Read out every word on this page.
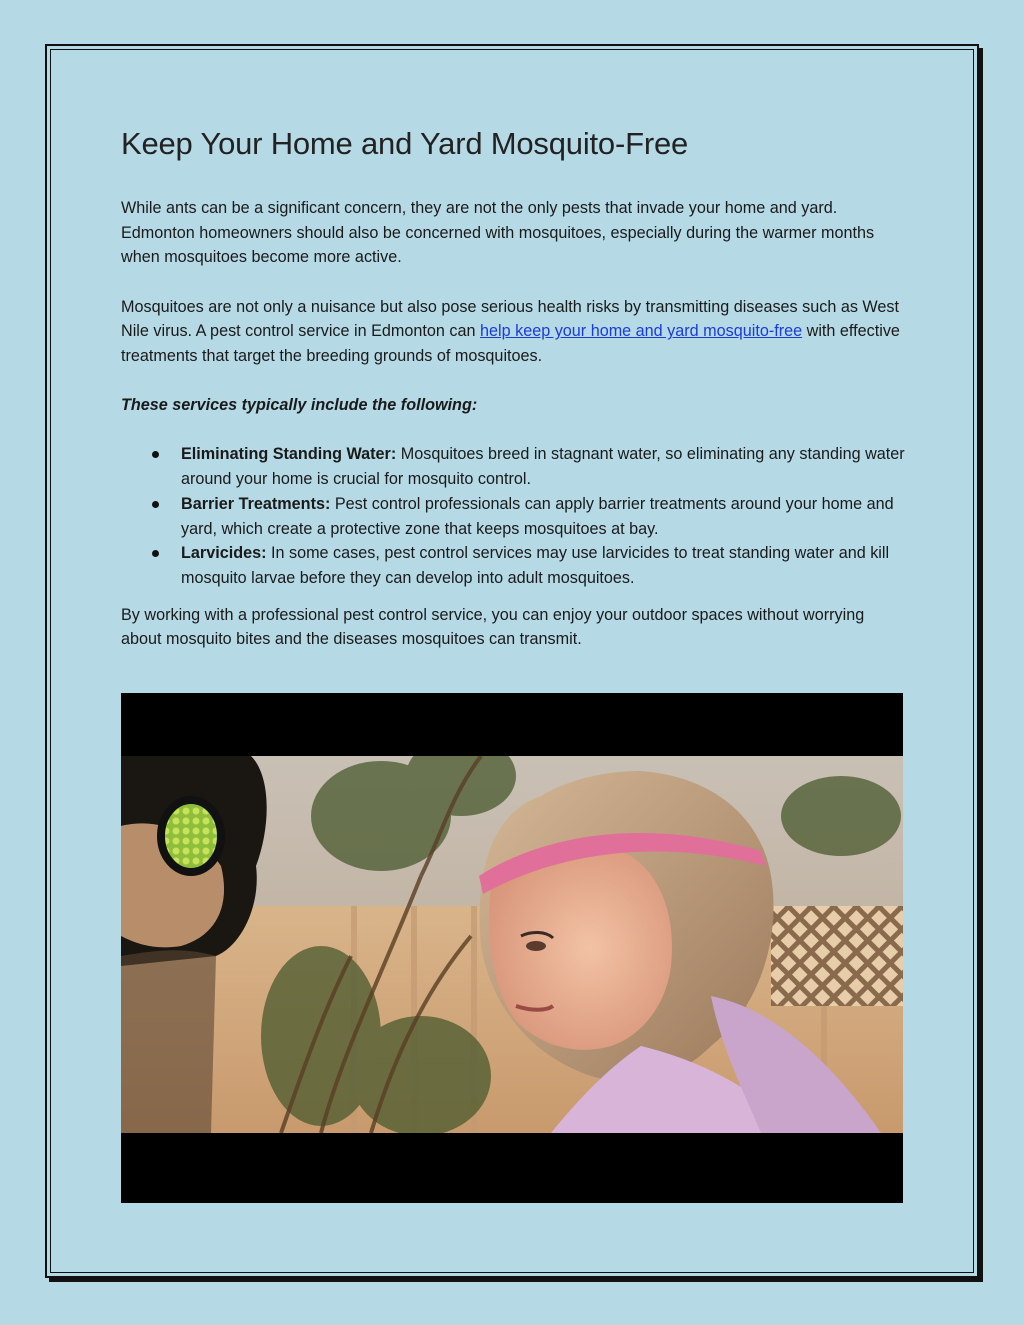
Keep Your Home and Yard Mosquito-Free

While ants can be a significant concern, they are not the only pests that invade your home and yard. Edmonton homeowners should also be concerned with mosquitoes, especially during the warmer months when mosquitoes become more active.

Mosquitoes are not only a nuisance but also pose serious health risks by transmitting diseases such as West Nile virus. A pest control service in Edmonton can help keep your home and yard mosquito-free with effective treatments that target the breeding grounds of mosquitoes.

These services typically include the following:

Eliminating Standing Water: Mosquitoes breed in stagnant water, so eliminating any standing water around your home is crucial for mosquito control.
Barrier Treatments: Pest control professionals can apply barrier treatments around your home and yard, which create a protective zone that keeps mosquitoes at bay.
Larvicides: In some cases, pest control services may use larvicides to treat standing water and kill mosquito larvae before they can develop into adult mosquitoes.

By working with a professional pest control service, you can enjoy your outdoor spaces without worrying about mosquito bites and the diseases mosquitoes can transmit.
